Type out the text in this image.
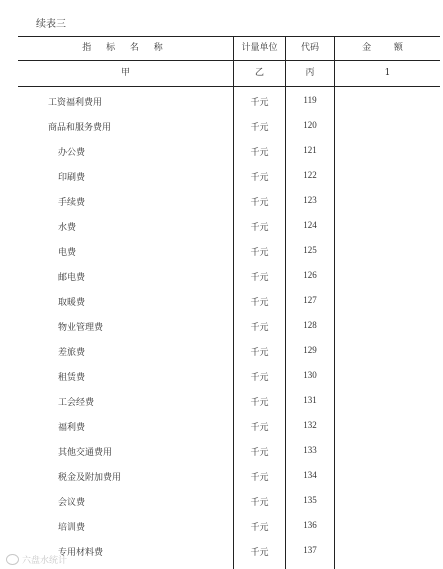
续表三
指 标 名 称	计量单位	代码	金 额
甲	乙	丙	1
工资福利费用	千元	119
商品和服务费用	千元	120
办公费	千元	121
印刷费	千元	122
手续费	千元	123
水费	千元	124
电费	千元	125
邮电费	千元	126
取暖费	千元	127
物业管理费	千元	128
差旅费	千元	129
租赁费	千元	130
工会经费	千元	131
福利费	千元	132
其他交通费用	千元	133
税金及附加费用	千元	134
会议费	千元	135
培训费	千元	136
专用材料费	千元	137
六盘水统计
